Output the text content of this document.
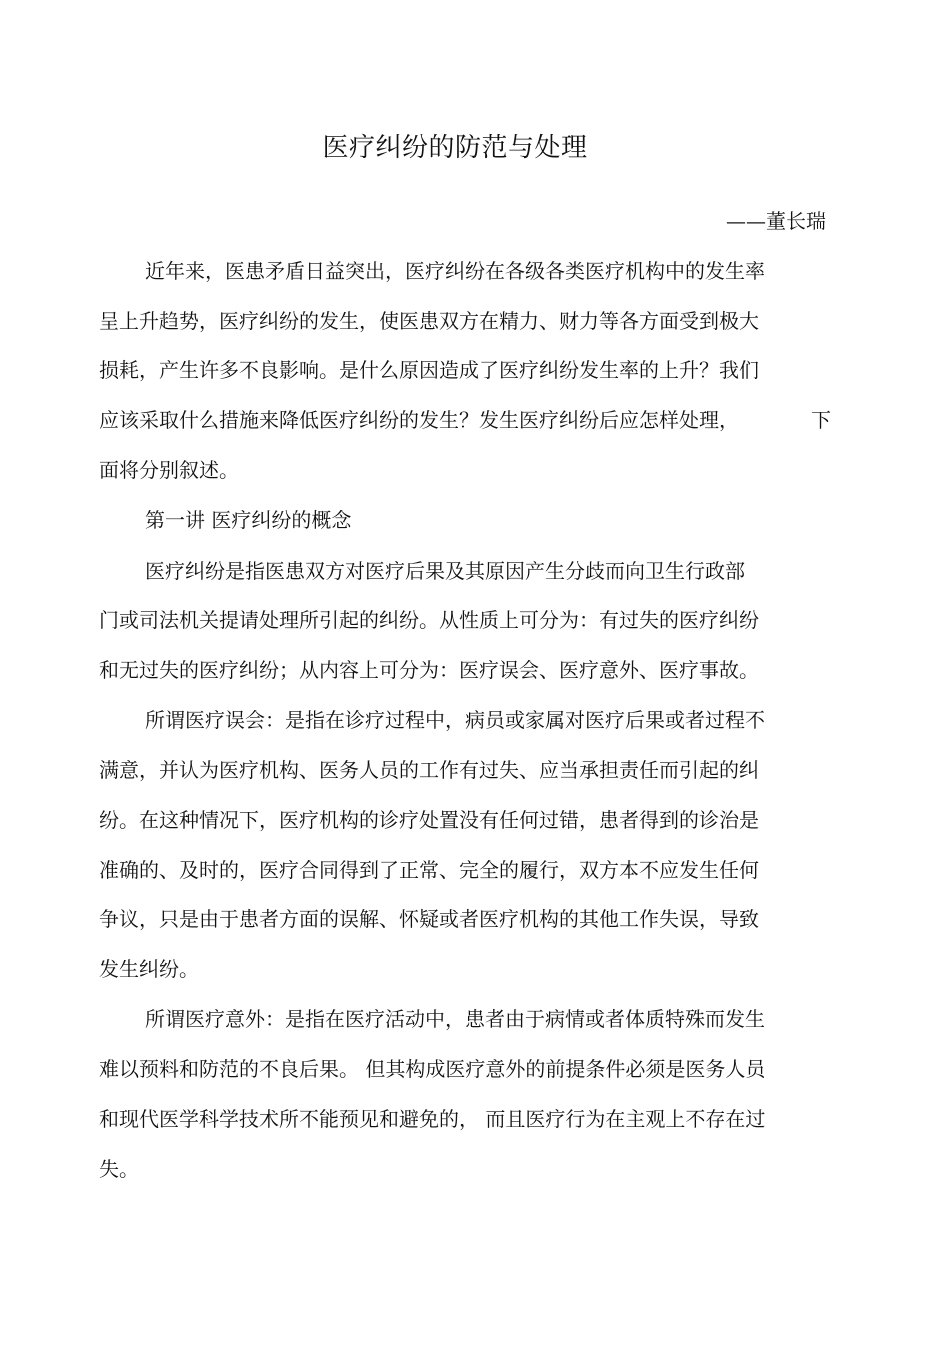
医疗纠纷的防范与处理
——董长瑞
近年来，医患矛盾日益突出，医疗纠纷在各级各类医疗机构中的发生率
呈上升趋势，医疗纠纷的发生，使医患双方在精力、财力等各方面受到极大
损耗，产生许多不良影响。是什么原因造成了医疗纠纷发生率的上升？我们
应该采取什么措施来降低医疗纠纷的发生？发生医疗纠纷后应怎样处理，	下
面将分别叙述。
第一讲 医疗纠纷的概念
医疗纠纷是指医患双方对医疗后果及其原因产生分歧而向卫生行政部
门或司法机关提请处理所引起的纠纷。从性质上可分为：有过失的医疗纠纷
和无过失的医疗纠纷；从内容上可分为：医疗误会、医疗意外、医疗事故。
所谓医疗误会：是指在诊疗过程中，病员或家属对医疗后果或者过程不
满意，并认为医疗机构、医务人员的工作有过失、应当承担责任而引起的纠
纷。在这种情况下，医疗机构的诊疗处置没有任何过错，患者得到的诊治是
准确的、及时的，医疗合同得到了正常、完全的履行，双方本不应发生任何
争议，只是由于患者方面的误解、怀疑或者医疗机构的其他工作失误，导致
发生纠纷。
所谓医疗意外：是指在医疗活动中，患者由于病情或者体质特殊而发生
难以预料和防范的不良后果。 但其构成医疗意外的前提条件必须是医务人员
和现代医学科学技术所不能预见和避免的， 而且医疗行为在主观上不存在过
失。
